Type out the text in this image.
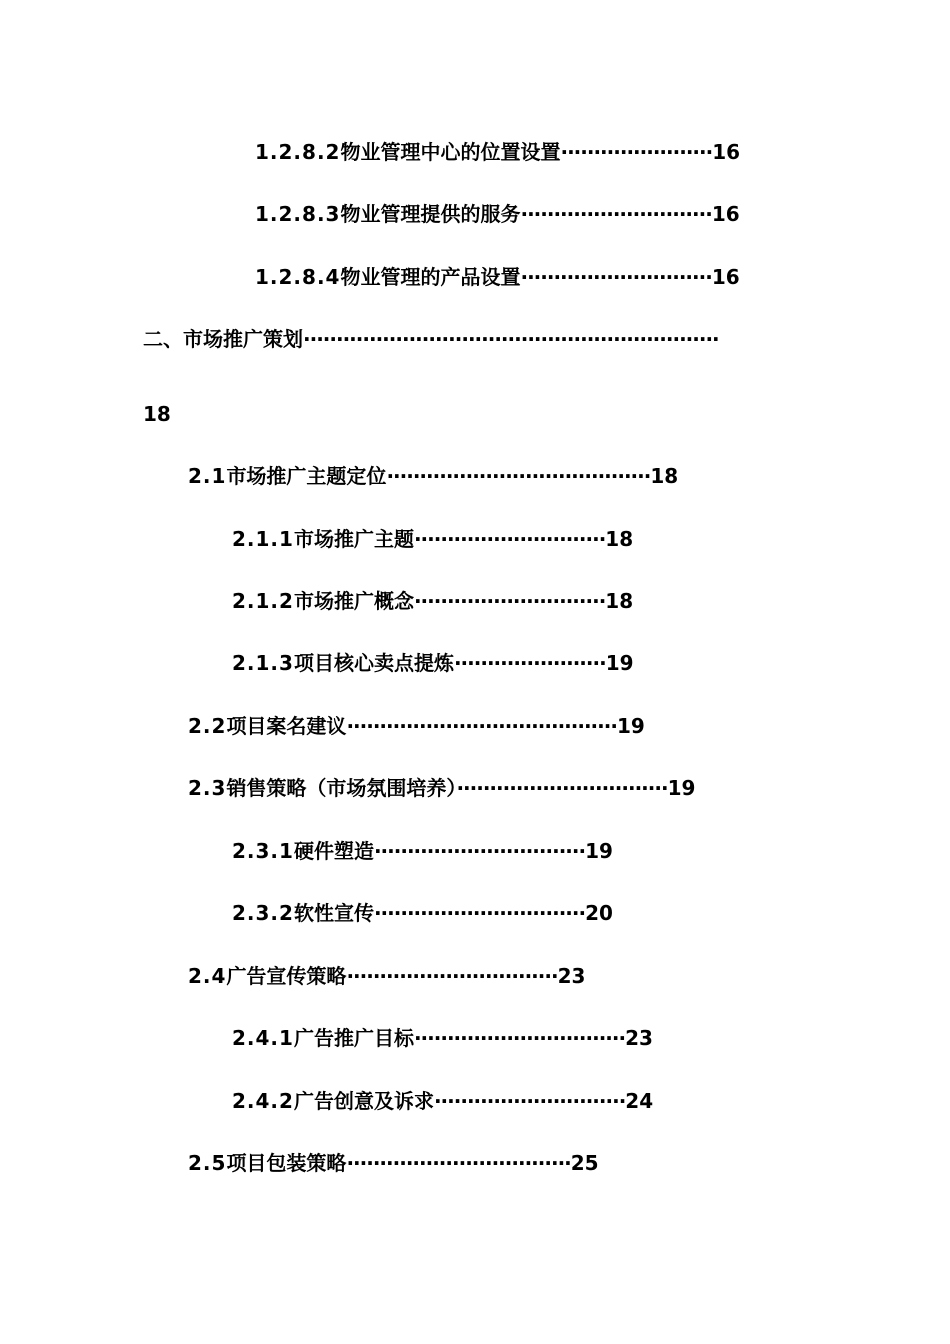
1.2.8.2物业管理中心的位置设置·······················16
1.2.8.3物业管理提供的服务·····························16
1.2.8.4物业管理的产品设置·····························16
二、市场推广策划·······························································
18
2.1市场推广主题定位········································18
2.1.1市场推广主题·····························18
2.1.2市场推广概念·····························18
2.1.3项目核心卖点提炼·······················19
2.2项目案名建议·········································19
2.3销售策略（市场氛围培养）································19
2.3.1硬件塑造································19
2.3.2软性宣传································20
2.4广告宣传策略································23
2.4.1广告推广目标································23
2.4.2广告创意及诉求·····························24
2.5项目包装策略··································25
